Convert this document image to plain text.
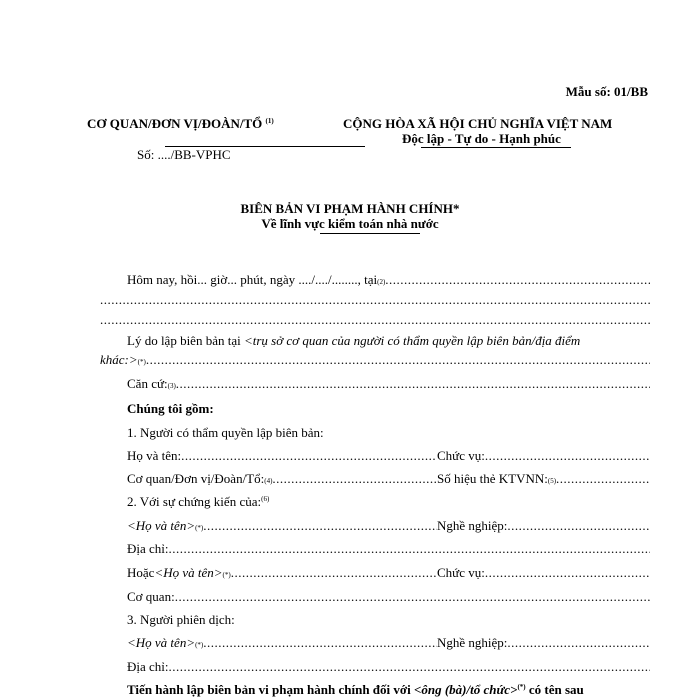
Mẫu số: 01/BB
CƠ QUAN/ĐƠN VỊ/ĐOÀN/TỔ $^{(1)}$
Số: ..../BB-VPHC
CỘNG HÒA XÃ HỘI CHỦ NGHĨA VIỆT NAM
Độc lập - Tự do - Hạnh phúc
BIÊN BẢN VI PHẠM HÀNH CHÍNH*
Về lĩnh vực kiểm toán nhà nước
Hôm nay, hồi... giờ... phút, ngày ..../..../........, tại (2)
.....
.....
.....
Lý do lập biên bản tại <trụ sở cơ quan của người có thẩm quyền lập biên bản/địa điểm
khác:> (*)
.....
Căn cứ: (3)
.....
Chúng tôi gồm:
1. Người có thẩm quyền lập biên bản:
Họ và tên: .....	Chức vụ:
.....
Cơ quan/Đơn vị/Đoàn/Tổ: (4) .....	Số hiệu thẻ KTVNN: (5)
.....
2. Với sự chứng kiến của:$^{(6)}$
<Họ và tên> (*) .....	Nghề nghiệp:
.....
Địa chỉ:
.....
Hoặc <Họ và tên> (*) .....	Chức vụ:
.....
Cơ quan:
.....
3. Người phiên dịch:
<Họ và tên> (*) .....	Nghề nghiệp:
.....
Địa chỉ:
.....
Tiến hành lập biên bản vi phạm hành chính đối với <ông (bà)/tổ chức>(*) có tên sau
